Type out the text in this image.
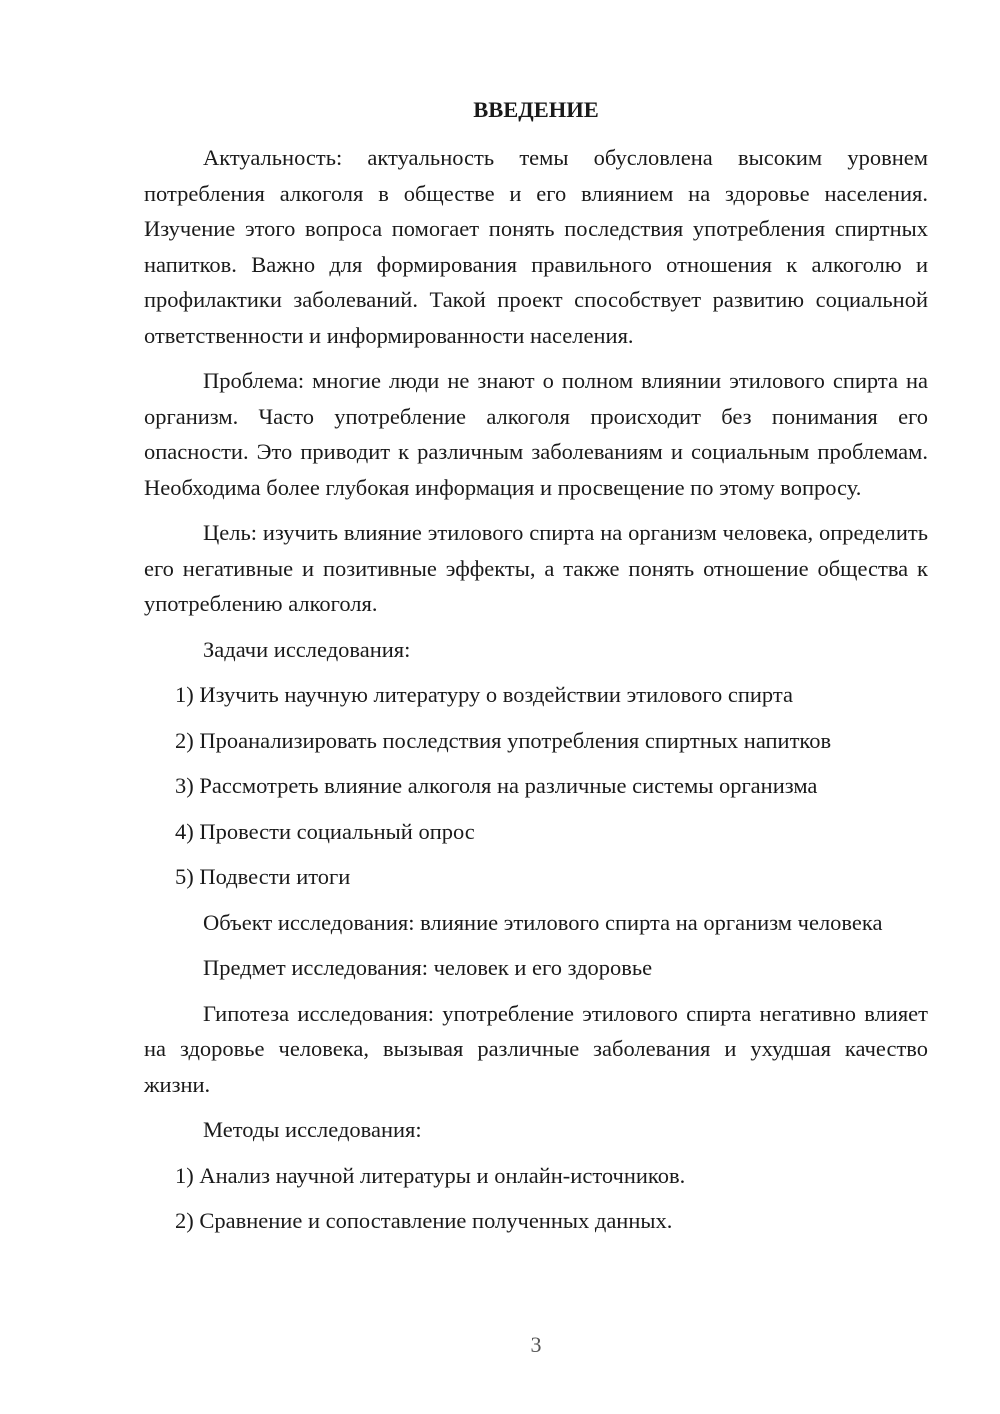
ВВЕДЕНИЕ

Актуальность: актуальность темы обусловлена высоким уровнем потребления алкоголя в обществе и его влиянием на здоровье населения. Изучение этого вопроса помогает понять последствия употребления спиртных напитков. Важно для формирования правильного отношения к алкоголю и профилактики заболеваний. Такой проект способствует развитию социальной ответственности и информированности населения.

Проблема: многие люди не знают о полном влиянии этилового спирта на организм. Часто употребление алкоголя происходит без понимания его опасности. Это приводит к различным заболеваниям и социальным проблемам. Необходима более глубокая информация и просвещение по этому вопросу.

Цель: изучить влияние этилового спирта на организм человека, определить его негативные и позитивные эффекты, а также понять отношение общества к употреблению алкоголя.

Задачи исследования:

1) Изучить научную литературу о воздействии этилового спирта
2) Проанализировать последствия употребления спиртных напитков
3) Рассмотреть влияние алкоголя на различные системы организма
4) Провести социальный опрос
5) Подвести итоги

Объект исследования: влияние этилового спирта на организм человека

Предмет исследования: человек и его здоровье

Гипотеза исследования: употребление этилового спирта негативно влияет на здоровье человека, вызывая различные заболевания и ухудшая качество жизни.

Методы исследования:

1) Анализ научной литературы и онлайн-источников.
2) Сравнение и сопоставление полученных данных.
3
